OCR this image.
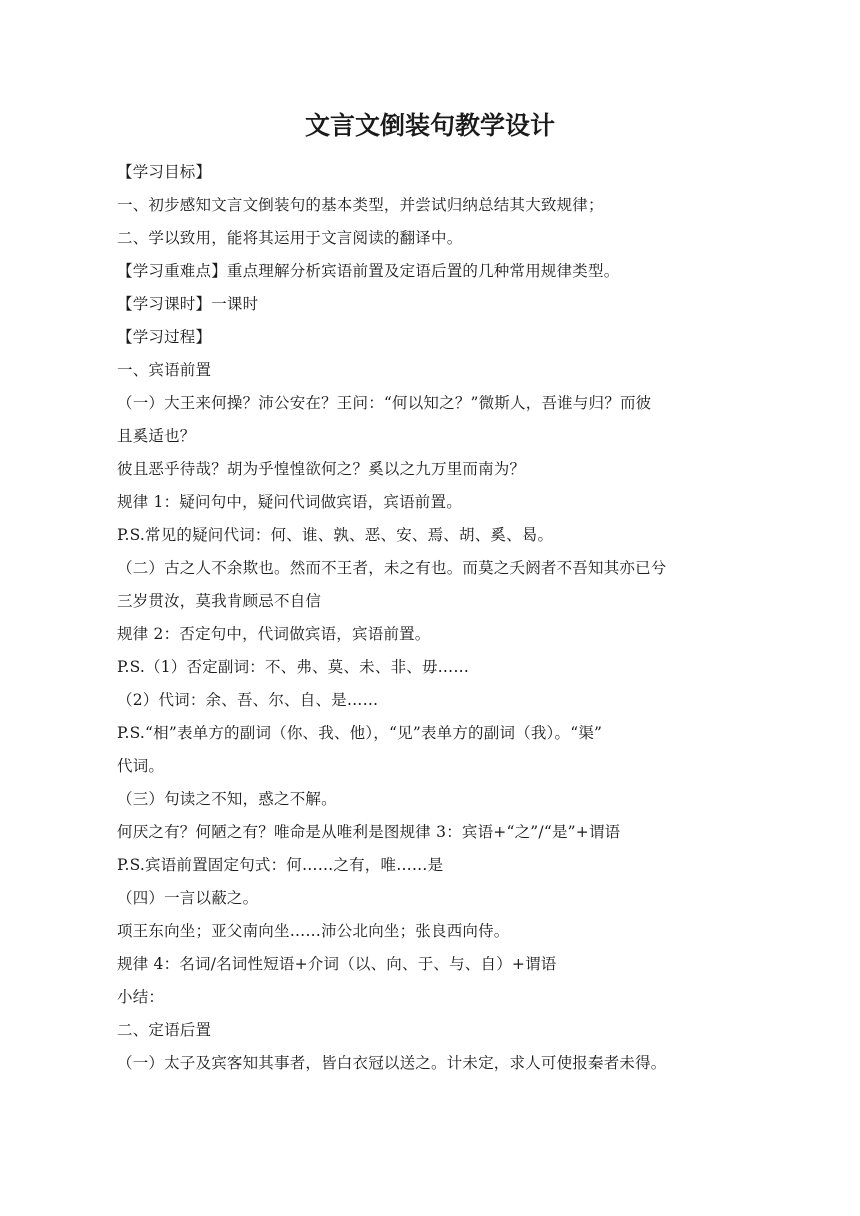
文言文倒装句教学设计

【学习目标】

一、初步感知文言文倒装句的基本类型，并尝试归纳总结其大致规律；

二、学以致用，能将其运用于文言阅读的翻译中。

【学习重难点】重点理解分析宾语前置及定语后置的几种常用规律类型。

【学习课时】一课时

【学习过程】

一、宾语前置

（一）大王来何操？沛公安在？王问：“何以知之？”微斯人，吾谁与归？而彼

且奚适也？

彼且恶乎待哉？胡为乎惶惶欲何之？奚以之九万里而南为？

规律 1：疑问句中，疑问代词做宾语，宾语前置。

P.S.常见的疑问代词：何、谁、孰、恶、安、焉、胡、奚、曷。

（二）古之人不余欺也。然而不王者，未之有也。而莫之夭阏者不吾知其亦已兮

三岁贯汝，莫我肯顾忌不自信

规律 2：否定句中，代词做宾语，宾语前置。

P.S.（1）否定副词：不、弗、莫、未、非、毋……

（2）代词：余、吾、尔、自、是……

P.S.“相”表单方的副词（你、我、他），“见”表单方的副词（我）。“渠”

代词。

（三）句读之不知，惑之不解。

何厌之有？何陋之有？唯命是从唯利是图规律 3：宾语+“之”/“是”+谓语

P.S.宾语前置固定句式：何……之有，唯……是

（四）一言以蔽之。

项王东向坐；亚父南向坐……沛公北向坐；张良西向侍。

规律 4：名词/名词性短语+介词（以、向、于、与、自）+谓语

小结：

二、定语后置

（一）太子及宾客知其事者，皆白衣冠以送之。计未定，求人可使报秦者未得。
